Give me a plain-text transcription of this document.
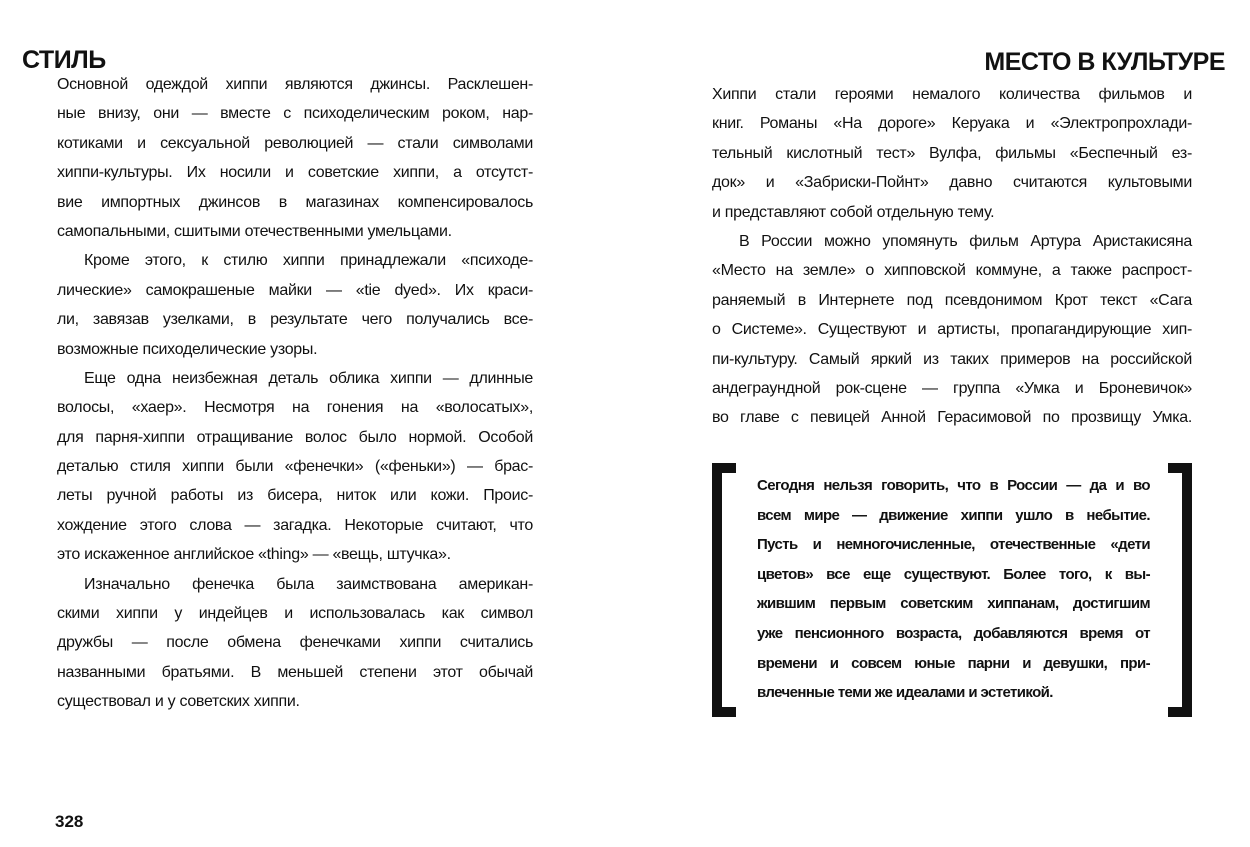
СТИЛЬ
Основной одеждой хиппи являются джинсы. Расклешен-
ные внизу, они — вместе с психоделическим роком, нар-
котиками и сексуальной революцией — стали символами
хиппи-культуры. Их носили и советские хиппи, а отсутст-
вие импортных джинсов в магазинах компенсировалось
самопальными, сшитыми отечественными умельцами.
Кроме этого, к стилю хиппи принадлежали «психоде-
лические» самокрашеные майки — «tie dyed». Их краси-
ли, завязав узелками, в результате чего получались все-
возможные психоделические узоры.
Еще одна неизбежная деталь облика хиппи — длинные
волосы, «хаер». Несмотря на гонения на «волосатых»,
для парня-хиппи отращивание волос было нормой. Особой
деталью стиля хиппи были «фенечки» («феньки») — брас-
леты ручной работы из бисера, ниток или кожи. Проис-
хождение этого слова — загадка. Некоторые считают, что
это искаженное английское «thing» — «вещь, штучка».
Изначально фенечка была заимствована американ-
скими хиппи у индейцев и использовалась как символ
дружбы — после обмена фенечками хиппи считались
названными братьями. В меньшей степени этот обычай
существовал и у советских хиппи.
328
МЕСТО В КУЛЬТУРЕ
Хиппи стали героями немалого количества фильмов и
книг. Романы «На дороге» Керуака и «Электропрохлади-
тельный кислотный тест» Вулфа, фильмы «Беспечный ез-
док» и «Забриски-Пойнт» давно считаются культовыми
и представляют собой отдельную тему.
В России можно упомянуть фильм Артура Аристакисяна
«Место на земле» о хипповской коммуне, а также распрост-
раняемый в Интернете под псевдонимом Крот текст «Сага
о Системе». Существуют и артисты, пропагандирующие хип-
пи-культуру. Самый яркий из таких примеров на российской
андеграундной рок-сцене — группа «Умка и Броневичок»
во главе с певицей Анной Герасимовой по прозвищу Умка.
Сегодня нельзя говорить, что в России — да и во
всем мире — движение хиппи ушло в небытие.
Пусть и немногочисленные, отечественные «дети
цветов» все еще существуют. Более того, к вы-
жившим первым советским хиппанам, достигшим
уже пенсионного возраста, добавляются время от
времени и совсем юные парни и девушки, при-
влеченные теми же идеалами и эстетикой.
